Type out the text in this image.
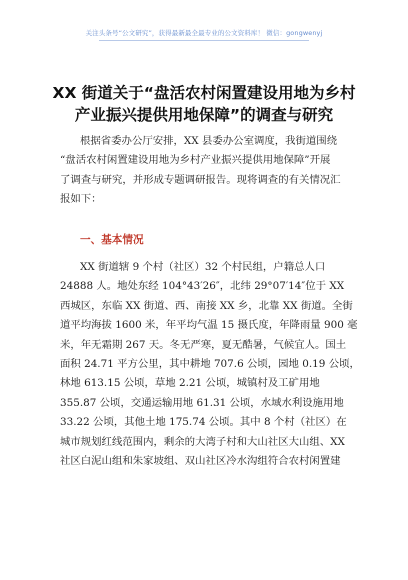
关注头条号“公文研究”，获得最新最全最专业的公文资料库！ 微信：gongwenyj
XX 街道关于“盘活农村闲置建设用地为乡村
产业振兴提供用地保障”的调查与研究
根据省委办公厅安排，XX 县委办公室调度，我街道围绕
“盘活农村闲置建设用地为乡村产业振兴提供用地保障”开展
了调查与研究，并形成专题调研报告。现将调查的有关情况汇
报如下：
一、基本情况
XX 街道辖 9 个村（社区）32 个村民组，户籍总人口
24888 人。地处东经 104°43′26″，北纬 29°07′14″位于 XX
西城区，东临 XX 街道、西、南接 XX 乡，北靠 XX 街道。全街
道平均海拔 1600 米，年平均气温 15 摄氏度，年降雨量 900 毫
米，年无霜期 267 天。冬无严寒，夏无酷暑，气候宜人。国土
面积 24.71 平方公里，其中耕地 707.6 公顷，园地 0.19 公顷，
林地 613.15 公顷，草地 2.21 公顷，城镇村及工矿用地
355.87 公顷，交通运输用地 61.31 公顷，水域水利设施用地
33.22 公顷，其他土地 175.74 公顷。其中 8 个村（社区）在
城市规划红线范围内，剩余的大湾子村和大山社区大山组、XX
社区白泥山组和朱家坡组、双山社区冷水沟组符合农村闲置建
